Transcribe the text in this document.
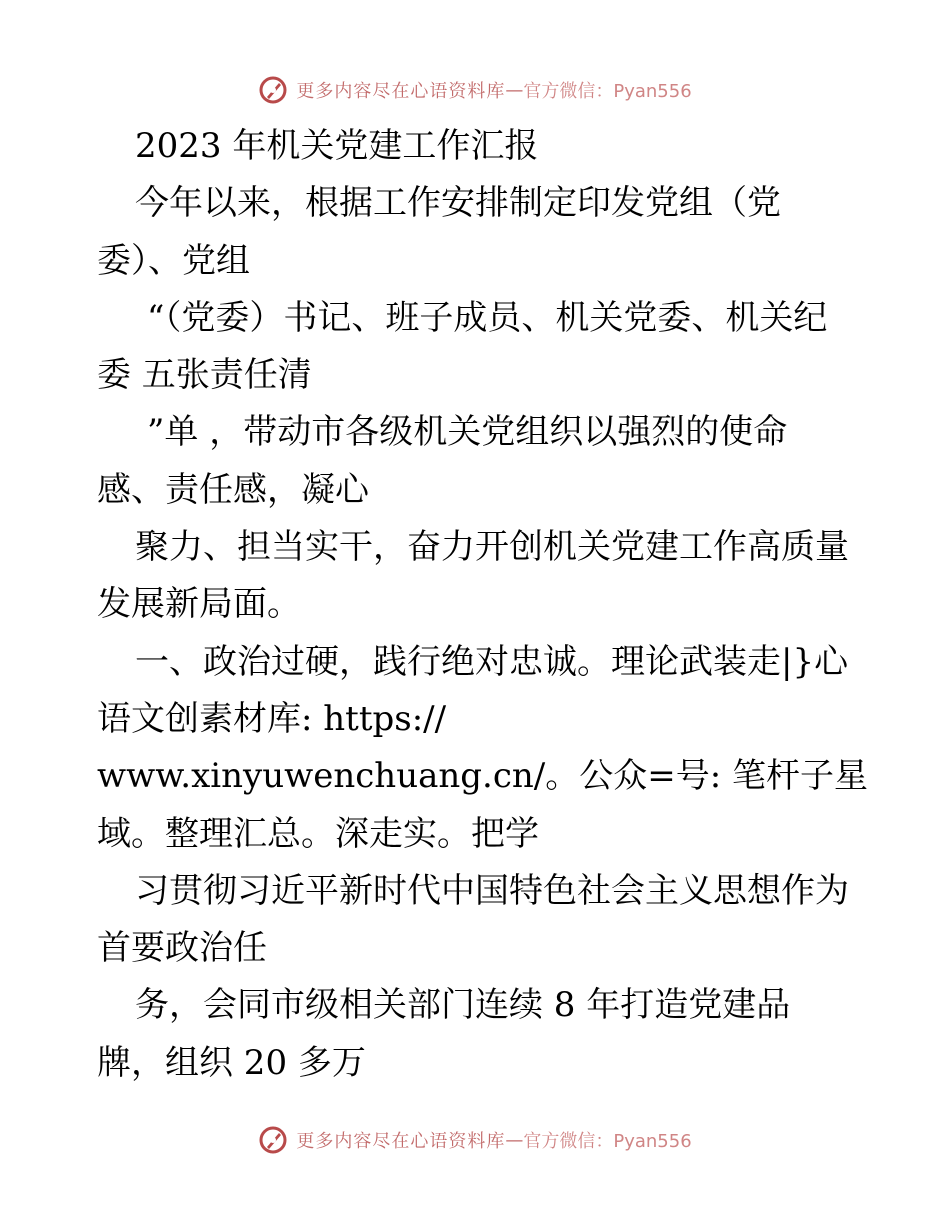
更多内容尽在心语资料库 — 官方微信：Pyan556
2023 年机关党建工作汇报
今年以来，根据工作安排制定印发党组（党
委）、党组
“（党委）书记、班子成员、机关党委、机关纪
委 五张责任清
”单 ，带动市各级机关党组织以强烈的使命
感、责任感，凝心
聚力、担当实干，奋力开创机关党建工作高质量
发展新局面。
一、政治过硬，践行绝对忠诚。理论武装走|}心
语文创素材库: https://
www.xinyuwenchuang.cn/。公众=号: 笔杆子星
域。整理汇总。深走实。把学
习贯彻习近平新时代中国特色社会主义思想作为
首要政治任
务，会同市级相关部门连续 8 年打造党建品
牌，组织 20 多万
更多内容尽在心语资料库 — 官方微信：Pyan556
